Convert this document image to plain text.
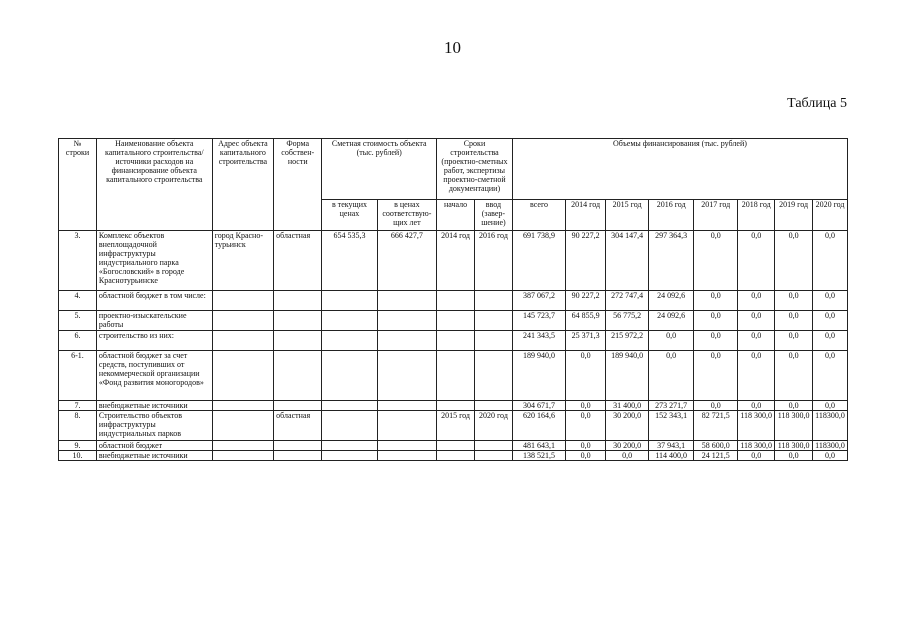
10
Таблица 5
№ строки	Наименование объекта капитального строительства/ источники расходов на финансирование объекта капитального строительства	Адрес объекта капитального строительства	Форма собствен- ности	Сметная стоимость объекта (тыс. рублей)		Сроки строительства (проектно-сметных работ, экспертизы проектно-сметной документации)		Объемы финансирования (тыс. рублей)							
				в текущих ценах	в ценах соответствую- щих лет	начало	ввод (завер- шение)	всего	2014 год	2015 год	2016 год	2017 год	2018 год	2019 год	2020 год
3.	Комплекс объектов внеплощадочной инфраструктуры индустриального парка «Богословский» в городе Краснотурьинске	город Красно- турьинск	областная	654 535,3	666 427,7	2014 год	2016 год	691 738,9	90 227,2	304 147,4	297 364,3	0,0	0,0	0,0	0,0
4.	областной бюджет в том числе:							387 067,2	90 227,2	272 747,4	24 092,6	0,0	0,0	0,0	0,0
5.	проектно-изыскательские работы							145 723,7	64 855,9	56 775,2	24 092,6	0,0	0,0	0,0	0,0
6.	строительство из них:							241 343,5	25 371,3	215 972,2	0,0	0,0	0,0	0,0	0,0
6-1.	областной бюджет за счет средств, поступивших от некоммерческой организации «Фонд развития моногородов»							189 940,0	0,0	189 940,0	0,0	0,0	0,0	0,0	0,0
7.	внебюджетные источники							304 671,7	0,0	31 400,0	273 271,7	0,0	0,0	0,0	0,0
8.	Строительство объектов инфраструктуры индустриальных парков		областная			2015 год	2020 год	620 164,6	0,0	30 200,0	152 343,1	82 721,5	118 300,0	118 300,0	118300,0
9.	областной бюджет							481 643,1	0,0	30 200,0	37 943,1	58 600,0	118 300,0	118 300,0	118300,0
10.	внебюджетные источники							138 521,5	0,0	0,0	114 400,0	24 121,5	0,0	0,0	0,0
